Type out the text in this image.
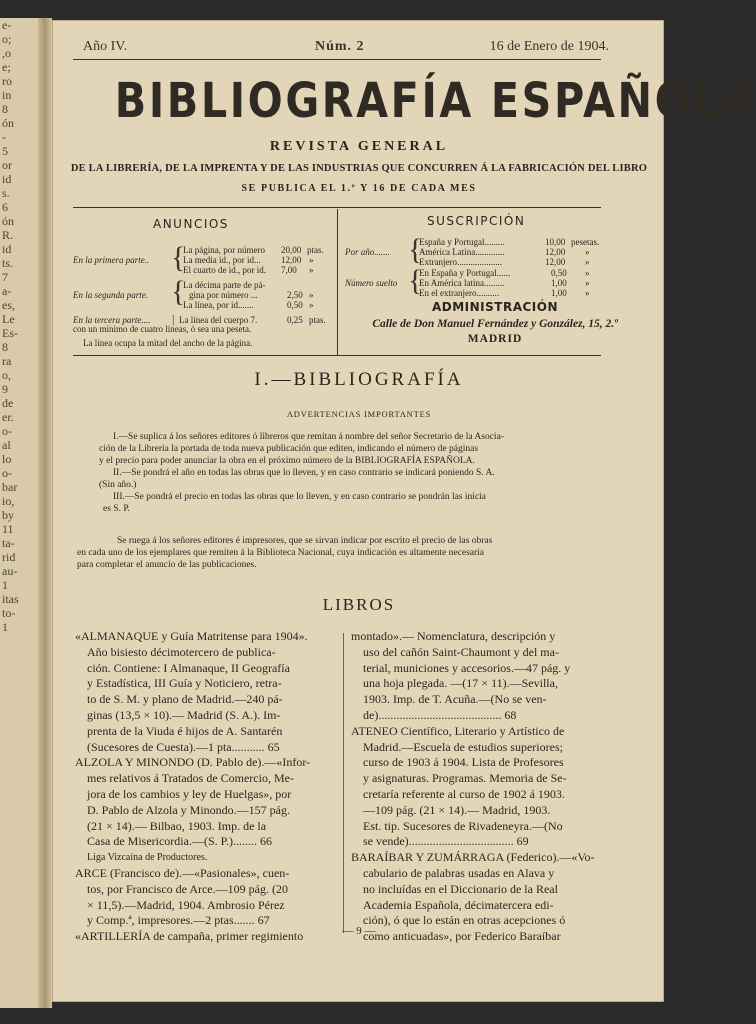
e-
o;
,o
e;
ro
in
8
ón
-
5
or
id
s.
6
ón
R.
id
ts.
7
a-
es,
Le
Es-
8
ra
o,
9
de
er.
o-
al
lo
o-
bar
io,
by
11
ta-
rid
au-
1
itas
to-
1
Año IV.	Núm. 2	16 de Enero de 1904.
BIBLIOGRAFÍA ESPAÑOLA
REVISTA GENERAL
DE LA LIBRERÍA, DE LA IMPRENTA Y DE LAS INDUSTRIAS QUE CONCURREN Á LA FABRICACIÓN DEL LIBRO
SE PUBLICA EL 1.º Y 16 DE CADA MES
ANUNCIOS
En la primera parte.. {
La página, por número 20,00 ptas.
La media id., por id... 12,00 »
El cuarto de id., por id. 7,00 »
En la segunda parte. {
La décima parte de pá-
gina por número ...	2,50 »
La línea, por id.......	0,50 »
En la tercera parte.... | La línea del cuerpo 7.	0,25 ptas.
con un mínimo de cuatro líneas, ó sea una peseta.
La línea ocupa la mitad del ancho de la página.
SUSCRIPCIÓN
Por año....... {
España y Portugal.........	10,00 pesetas.
América Latina.............	12,00 »
Extranjero....................	12,00 »
Número suelto {
En España y Portugal......	0,50 »
En América latina.........	1,00 »
En el extranjero..........	1,00 »
ADMINISTRACIÓN
Calle de Don Manuel Fernández y González, 15, 2.º
MADRID
I.—BIBLIOGRAFÍA
ADVERTENCIAS IMPORTANTES
I.—Se suplica á los señores editores ó libreros que remitan á nombre del señor Secretario de la Asocia-
ción de la Librería la portada de toda nueva publicación que editen, indicando el número de páginas
y el precio para poder anunciar la obra en el próximo número de la BIBLIOGRAFÍA ESPAÑOLA.
II.—Se pondrá el año en todas las obras que lo lleven, y en caso contrario se indicará poniendo S. A.
(Sin año.)
III.—Se pondrá el precio en todas las obras que lo lleven, y en caso contrario se pondrán las inicia
es S. P.
Se ruega á los señores editores é impresores, que se sirvan indicar por escrito el precio de las obras
en cada uno de los ejemplares que remiten á la Biblioteca Nacional, cuya indicación es altamente necesaria
para completar el anuncio de las publicaciones.
LIBROS
«ALMANAQUE y Guía Matritense para 1904».
Año bisiesto décimotercero de publica-
ción. Contiene: I Almanaque, II Geografía
y Estadística, III Guía y Noticiero, retra-
to de S. M. y plano de Madrid.—240 pá-
ginas (13,5 × 10).— Madrid (S. A.). Im-
prenta de la Viuda é hijos de A. Santarén
(Sucesores de Cuesta).—1 pta........... 65
ALZOLA Y MINONDO (D. Pablo de).—«Infor-
mes relativos á Tratados de Comercio, Me-
jora de los cambios y ley de Huelgas», por
D. Pablo de Alzola y Minondo.—157 pág.
(21 × 14).— Bilbao, 1903. Imp. de la
Casa de Misericordia.—(S. P.)........ 66
Liga Vizcaína de Productores.
ARCE (Francisco de).—«Pasionales», cuen-
tos, por Francisco de Arce.—109 pág. (20
× 11,5).—Madrid, 1904. Ambrosio Pérez
y Comp.ª, impresores.—2 ptas....... 67
«ARTILLERÍA de campaña, primer regimiento
montado».— Nomenclatura, descripción y
uso del cañón Saint-Chaumont y del ma-
terial, municiones y accesorios.—47 pág. y
una hoja plegada. —(17 × 11).—Sevilla,
1903. Imp. de T. Acuña.—(No se ven-
de)......................................... 68
ATENEO Científico, Literario y Artístico de
Madrid.—Escuela de estudios superiores;
curso de 1903 á 1904. Lista de Profesores
y asignaturas. Programas. Memoria de Se-
cretaría referente al curso de 1902 á 1903.
—109 pág. (21 × 14).— Madrid, 1903.
Est. tip. Sucesores de Rivadeneyra.—(No
se vende)................................... 69
BARAÍBAR Y ZUMÁRRAGA (Federico).—«Vo-
cabulario de palabras usadas en Alava y
no incluídas en el Diccionario de la Real
Academia Española, décimatercera edi-
ción), ó que lo están en otras acepciones ó
como anticuadas», por Federico Baraíbar
— 9 —
